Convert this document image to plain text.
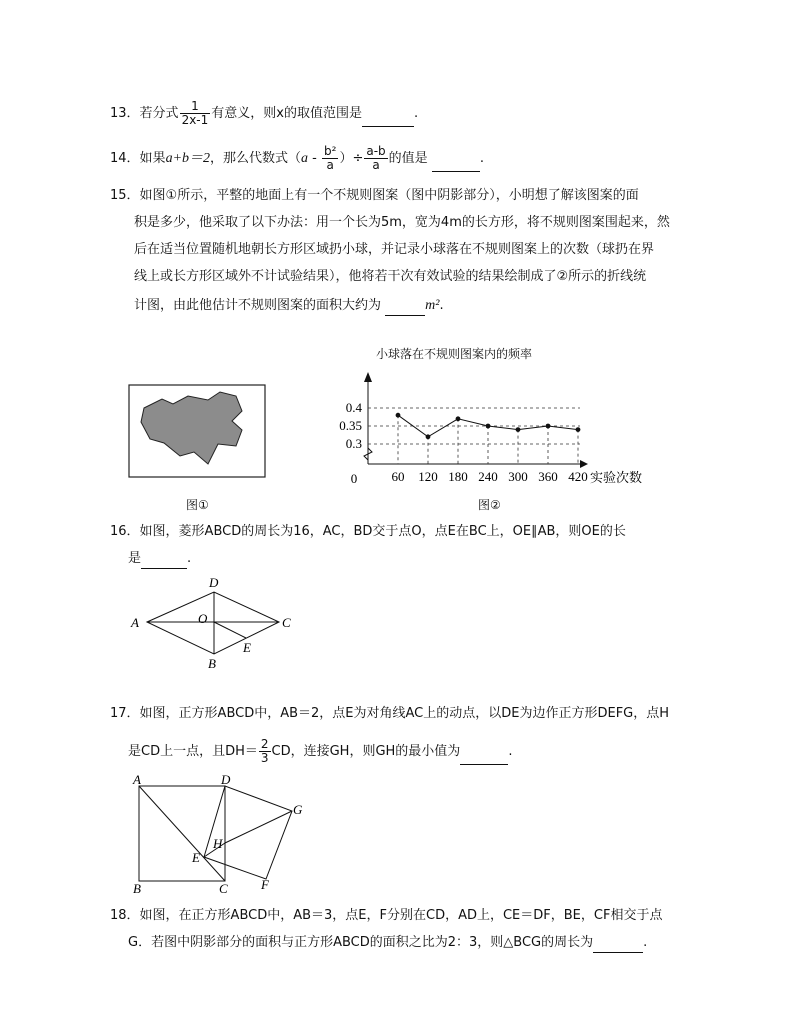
13．若分式 $\frac{1}{2x-1}$ 有意义，则x的取值范围是	.
14．如果a+b＝2，那么代数式（$a - \frac{\text{b²}}{a}$ ）÷ $\frac{a-b}{a}$ 的值是	.
15．如图①所示，平整的地面上有一个不规则图案（图中阴影部分），小明想了解该图案的面
积是多少，他采取了以下办法：用一个长为5m，宽为4m的长方形，将不规则图案围起来，然
后在适当位置随机地朝长方形区域扔小球，并记录小球落在不规则图案上的次数（球扔在界
线上或长方形区域外不计试验结果），他将若干次有效试验的结果绘制成了②所示的折线统
计图，由此他估计不规则图案的面积大约为	m².
图①
小球落在不规则图案内的频率
0.4
0.35
0.3
60 120 180 240 300 360 420
0	实验次数
图②
16．如图，菱形ABCD的周长为16，AC，BD交于点O，点E在BC上，OE∥AB，则OE的长
是	.
A
D
C
B
O
E
17．如图，正方形ABCD中，AB＝2，点E为对角线AC上的动点，以DE为边作正方形DEFG，点H
是CD上一点，且$DH= \frac{2}{3}$ CD，连接GH，则GH的最小值为	.
A	D
G
H
E
B	C	F
18．如图，在正方形ABCD中，AB＝3，点E，F分别在CD，AD上，CE＝DF，BE，CF相交于点
G．若图中阴影部分的面积与正方形ABCD的面积之比为2：3，则△BCG的周长为	.
